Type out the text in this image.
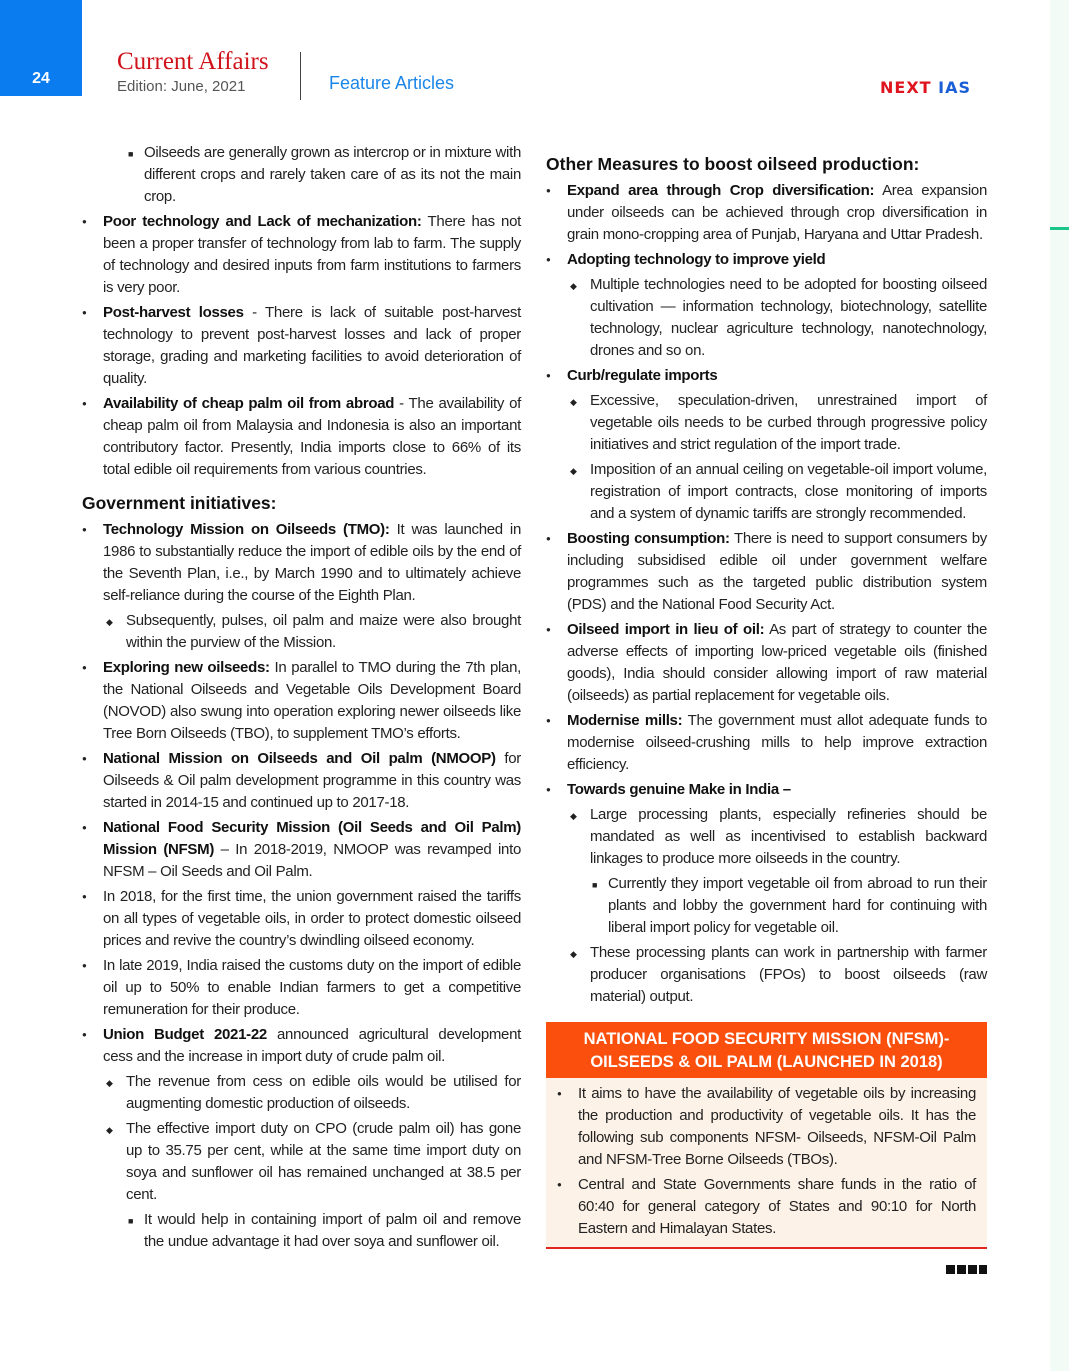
24
Current Affairs
Edition: June, 2021	Feature Articles	NEXT IAS
■ Oilseeds are generally grown as intercrop or in mixture with different crops and rarely taken care of as its not the main crop.
● Poor technology and Lack of mechanization: There has not been a proper transfer of technology from lab to farm. The supply of technology and desired inputs from farm institutions to farmers is very poor.
● Post-harvest losses - There is lack of suitable post-harvest technology to prevent post-harvest losses and lack of proper storage, grading and marketing facilities to avoid deterioration of quality.
● Availability of cheap palm oil from abroad - The availability of cheap palm oil from Malaysia and Indonesia is also an important contributory factor. Presently, India imports close to 66% of its total edible oil requirements from various countries.
Government initiatives:
● Technology Mission on Oilseeds (TMO): It was launched in 1986 to substantially reduce the import of edible oils by the end of the Seventh Plan, i.e., by March 1990 and to ultimately achieve self-reliance during the course of the Eighth Plan.
◆ Subsequently, pulses, oil palm and maize were also brought within the purview of the Mission.
● Exploring new oilseeds: In parallel to TMO during the 7th plan, the National Oilseeds and Vegetable Oils Development Board (NOVOD) also swung into operation exploring newer oilseeds like Tree Born Oilseeds (TBO), to supplement TMO’s efforts.
● National Mission on Oilseeds and Oil palm (NMOOP) for Oilseeds & Oil palm development programme in this country was started in 2014-15 and continued up to 2017-18.
● National Food Security Mission (Oil Seeds and Oil Palm) Mission (NFSM) – In 2018-2019, NMOOP was revamped into NFSM – Oil Seeds and Oil Palm.
● In 2018, for the first time, the union government raised the tariffs on all types of vegetable oils, in order to protect domestic oilseed prices and revive the country’s dwindling oilseed economy.
● In late 2019, India raised the customs duty on the import of edible oil up to 50% to enable Indian farmers to get a competitive remuneration for their produce.
● Union Budget 2021-22 announced agricultural development cess and the increase in import duty of crude palm oil.
◆ The revenue from cess on edible oils would be utilised for augmenting domestic production of oilseeds.
◆ The effective import duty on CPO (crude palm oil) has gone up to 35.75 per cent, while at the same time import duty on soya and sunflower oil has remained unchanged at 38.5 per cent.
■ It would help in containing import of palm oil and remove the undue advantage it had over soya and sunflower oil.
Other Measures to boost oilseed production:
● Expand area through Crop diversification: Area expansion under oilseeds can be achieved through crop diversification in grain mono-cropping area of Punjab, Haryana and Uttar Pradesh.
● Adopting technology to improve yield
◆ Multiple technologies need to be adopted for boosting oilseed cultivation — information technology, biotechnology, satellite technology, nuclear agriculture technology, nanotechnology, drones and so on.
● Curb/regulate imports
◆ Excessive, speculation-driven, unrestrained import of vegetable oils needs to be curbed through progressive policy initiatives and strict regulation of the import trade.
◆ Imposition of an annual ceiling on vegetable-oil import volume, registration of import contracts, close monitoring of imports and a system of dynamic tariffs are strongly recommended.
● Boosting consumption: There is need to support consumers by including subsidised edible oil under government welfare programmes such as the targeted public distribution system (PDS) and the National Food Security Act.
● Oilseed import in lieu of oil: As part of strategy to counter the adverse effects of importing low-priced vegetable oils (finished goods), India should consider allowing import of raw material (oilseeds) as partial replacement for vegetable oils.
● Modernise mills: The government must allot adequate funds to modernise oilseed-crushing mills to help improve extraction efficiency.
● Towards genuine Make in India –
◆ Large processing plants, especially refineries should be mandated as well as incentivised to establish backward linkages to produce more oilseeds in the country.
■ Currently they import vegetable oil from abroad to run their plants and lobby the government hard for continuing with liberal import policy for vegetable oil.
◆ These processing plants can work in partnership with farmer producer organisations (FPOs) to boost oilseeds (raw material) output.
NATIONAL FOOD SECURITY MISSION (NFSM)-
OILSEEDS & OIL PALM (LAUNCHED IN 2018)
● It aims to have the availability of vegetable oils by increasing the production and productivity of vegetable oils. It has the following sub components NFSM- Oilseeds, NFSM-Oil Palm and NFSM-Tree Borne Oilseeds (TBOs).
● Central and State Governments share funds in the ratio of 60:40 for general category of States and 90:10 for North Eastern and Himalayan States.
